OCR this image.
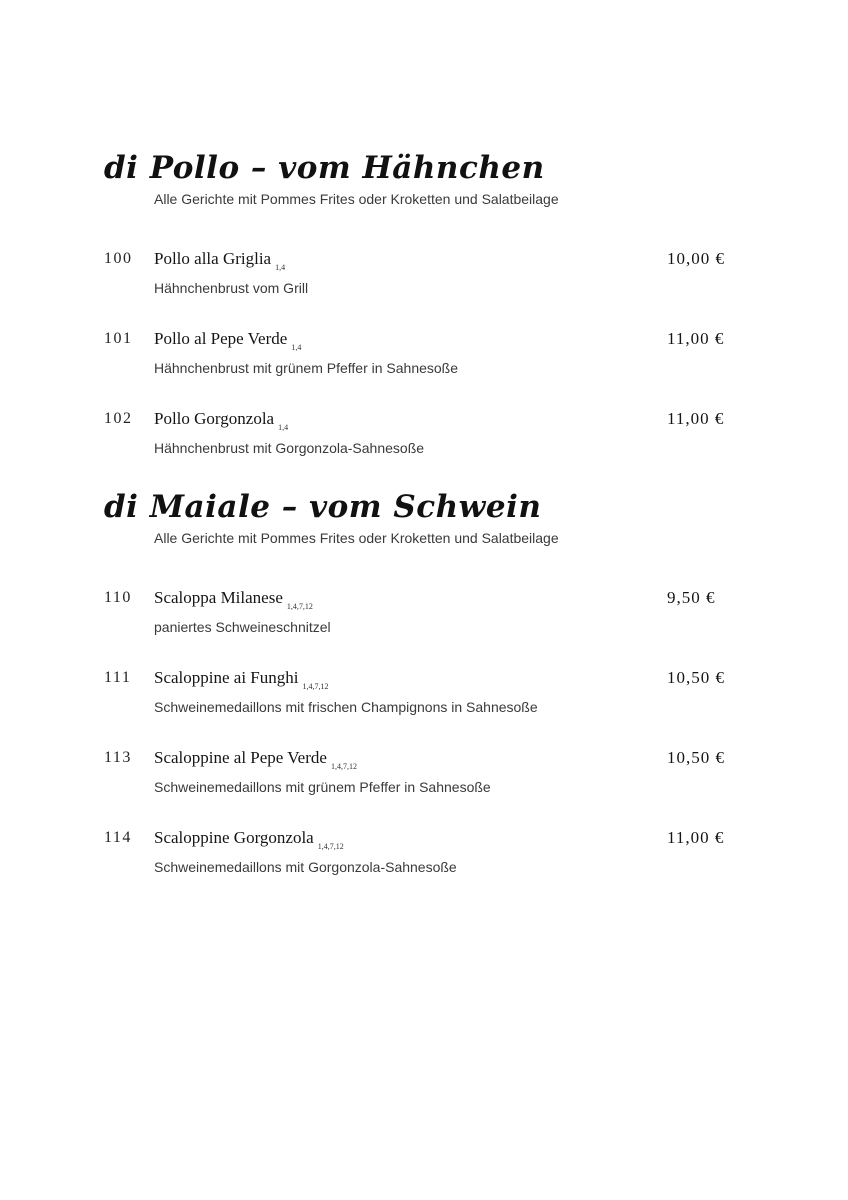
di Pollo – vom Hähnchen
Alle Gerichte mit Pommes Frites oder Kroketten und Salatbeilage
100 Pollo alla Griglia $_{1,4}$
Hähnchenbrust vom Grill
10,00 €
101 Pollo al Pepe Verde $_{1,4}$
Hähnchenbrust mit grünem Pfeffer in Sahnesoße
11,00 €
102 Pollo Gorgonzola $_{1,4}$
Hähnchenbrust mit Gorgonzola-Sahnesoße
11,00 €
di Maiale – vom Schwein
Alle Gerichte mit Pommes Frites oder Kroketten und Salatbeilage
110 Scaloppa Milanese $_{1,4,7,12}$
paniertes Schweineschnitzel
9,50 €
111 Scaloppine ai Funghi $_{1,4,7,12}$
Schweinemedaillons mit frischen Champignons in Sahnesoße
10,50 €
113 Scaloppine al Pepe Verde $_{1,4,7,12}$
Schweinemedaillons mit grünem Pfeffer in Sahnesoße
10,50 €
114 Scaloppine Gorgonzola $_{1,4,7,12}$
Schweinemedaillons mit Gorgonzola-Sahnesoße
11,00 €
